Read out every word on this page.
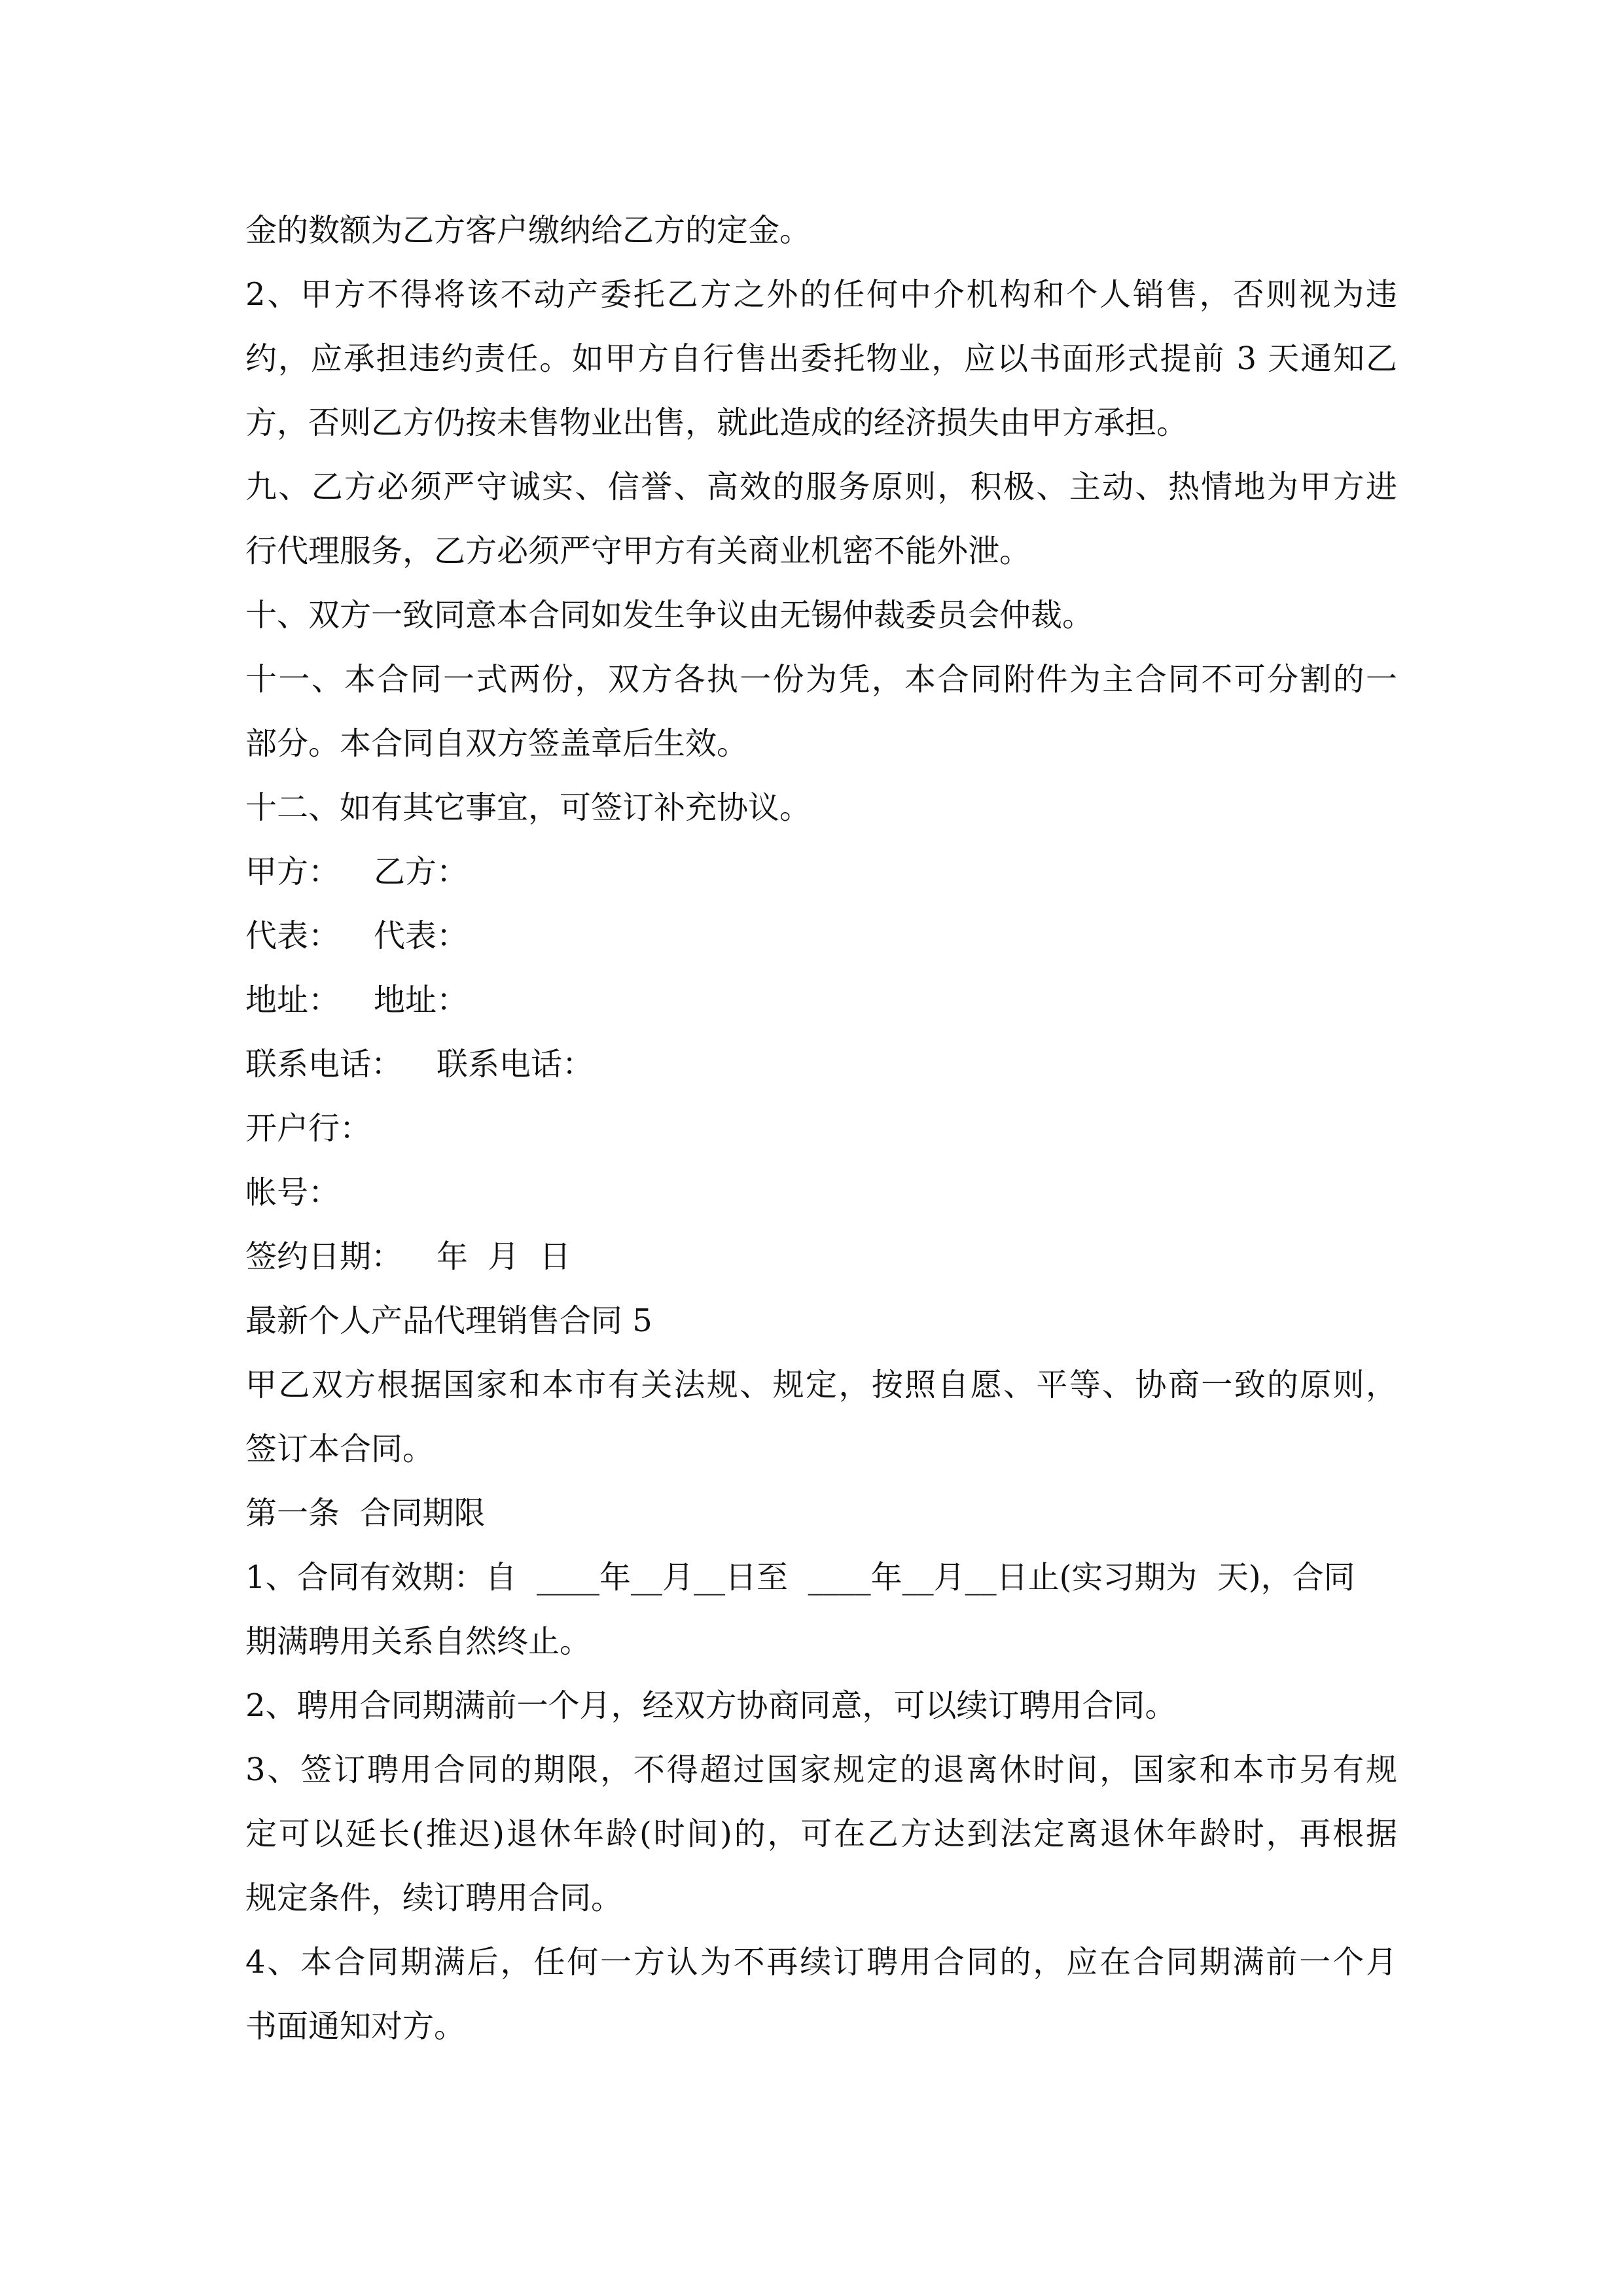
金的数额为乙方客户缴纳给乙方的定金。
2、甲方不得将该不动产委托乙方之外的任何中介机构和个人销售，否则视为违
约，应承担违约责任。如甲方自行售出委托物业，应以书面形式提前 3 天通知乙
方，否则乙方仍按未售物业出售，就此造成的经济损失由甲方承担。
九、乙方必须严守诚实、信誉、高效的服务原则，积极、主动、热情地为甲方进
行代理服务，乙方必须严守甲方有关商业机密不能外泄。
十、双方一致同意本合同如发生争议由无锡仲裁委员会仲裁。
十一、本合同一式两份，双方各执一份为凭，本合同附件为主合同不可分割的一
部分。本合同自双方签盖章后生效。
十二、如有其它事宜，可签订补充协议。
甲方： 乙方：
代表： 代表：
地址： 地址：
联系电话： 联系电话：
开户行：
帐号：
签约日期： 年 月 日
最新个人产品代理销售合同 5
甲乙双方根据国家和本市有关法规、规定，按照自愿、平等、协商一致的原则，
签订本合同。
第一条  合同期限
1、合同有效期：自  ____年__月__日至  ____年__月__日止(实习期为  天)，合同
期满聘用关系自然终止。
2、聘用合同期满前一个月，经双方协商同意，可以续订聘用合同。
3、签订聘用合同的期限，不得超过国家规定的退离休时间，国家和本市另有规
定可以延长(推迟)退休年龄(时间)的，可在乙方达到法定离退休年龄时，再根据
规定条件，续订聘用合同。
4、本合同期满后，任何一方认为不再续订聘用合同的，应在合同期满前一个月
书面通知对方。
